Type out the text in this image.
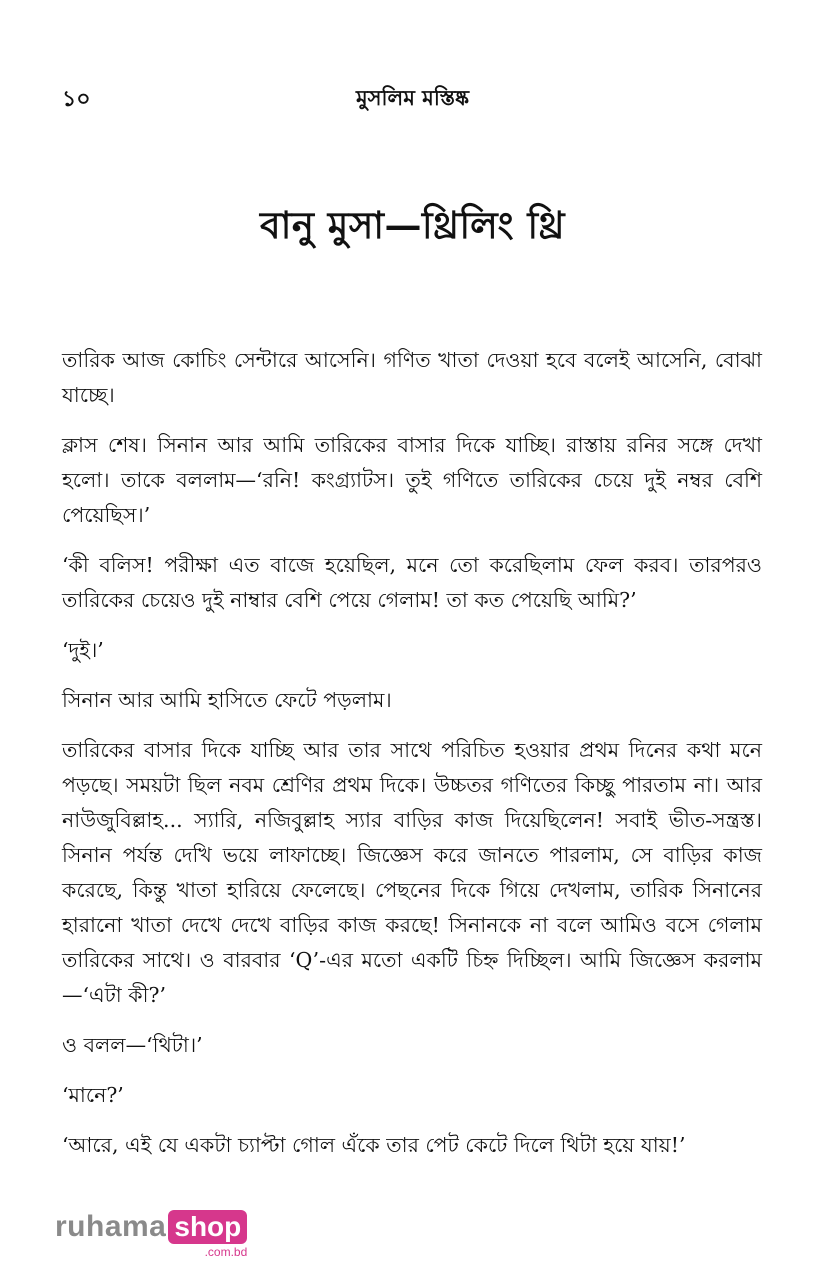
১০	মুসলিম মস্তিষ্ক
বানু মুসা—থ্রিলিং থ্রি

তারিক আজ কোচিং সেন্টারে আসেনি। গণিত খাতা দেওয়া হবে বলেই আসেনি, বোঝা যাচ্ছে।

ক্লাস শেষ। সিনান আর আমি তারিকের বাসার দিকে যাচ্ছি। রাস্তায় রনির সঙ্গে দেখা হলো। তাকে বললাম—‘রনি! কংগ্র্যাটস। তুই গণিতে তারিকের চেয়ে দুই নম্বর বেশি পেয়েছিস।’

‘কী বলিস! পরীক্ষা এত বাজে হয়েছিল, মনে তো করেছিলাম ফেল করব। তারপরও তারিকের চেয়েও দুই নাম্বার বেশি পেয়ে গেলাম! তা কত পেয়েছি আমি?’

‘দুই।’

সিনান আর আমি হাসিতে ফেটে পড়লাম।

তারিকের বাসার দিকে যাচ্ছি আর তার সাথে পরিচিত হওয়ার প্রথম দিনের কথা মনে পড়ছে। সময়টা ছিল নবম শ্রেণির প্রথম দিকে। উচ্চতর গণিতের কিচ্ছু পারতাম না। আর নাউজুবিল্লাহ... স্যারি, নজিবুল্লাহ স্যার বাড়ির কাজ দিয়েছিলেন! সবাই ভীত-সন্ত্রস্ত। সিনান পর্যন্ত দেখি ভয়ে লাফাচ্ছে। জিজ্ঞেস করে জানতে পারলাম, সে বাড়ির কাজ করেছে, কিন্তু খাতা হারিয়ে ফেলেছে। পেছনের দিকে গিয়ে দেখলাম, তারিক সিনানের হারানো খাতা দেখে দেখে বাড়ির কাজ করছে! সিনানকে না বলে আমিও বসে গেলাম তারিকের সাথে। ও বারবার ‘Q’-এর মতো একটি চিহ্ন দিচ্ছিল। আমি জিজ্ঞেস করলাম—‘এটা কী?’

ও বলল—‘থিটা।’

‘মানে?’

‘আরে, এই যে একটা চ্যাপ্টা গোল এঁকে তার পেট কেটে দিলে থিটা হয়ে যায়!’

ruhama shop
.com.bd
